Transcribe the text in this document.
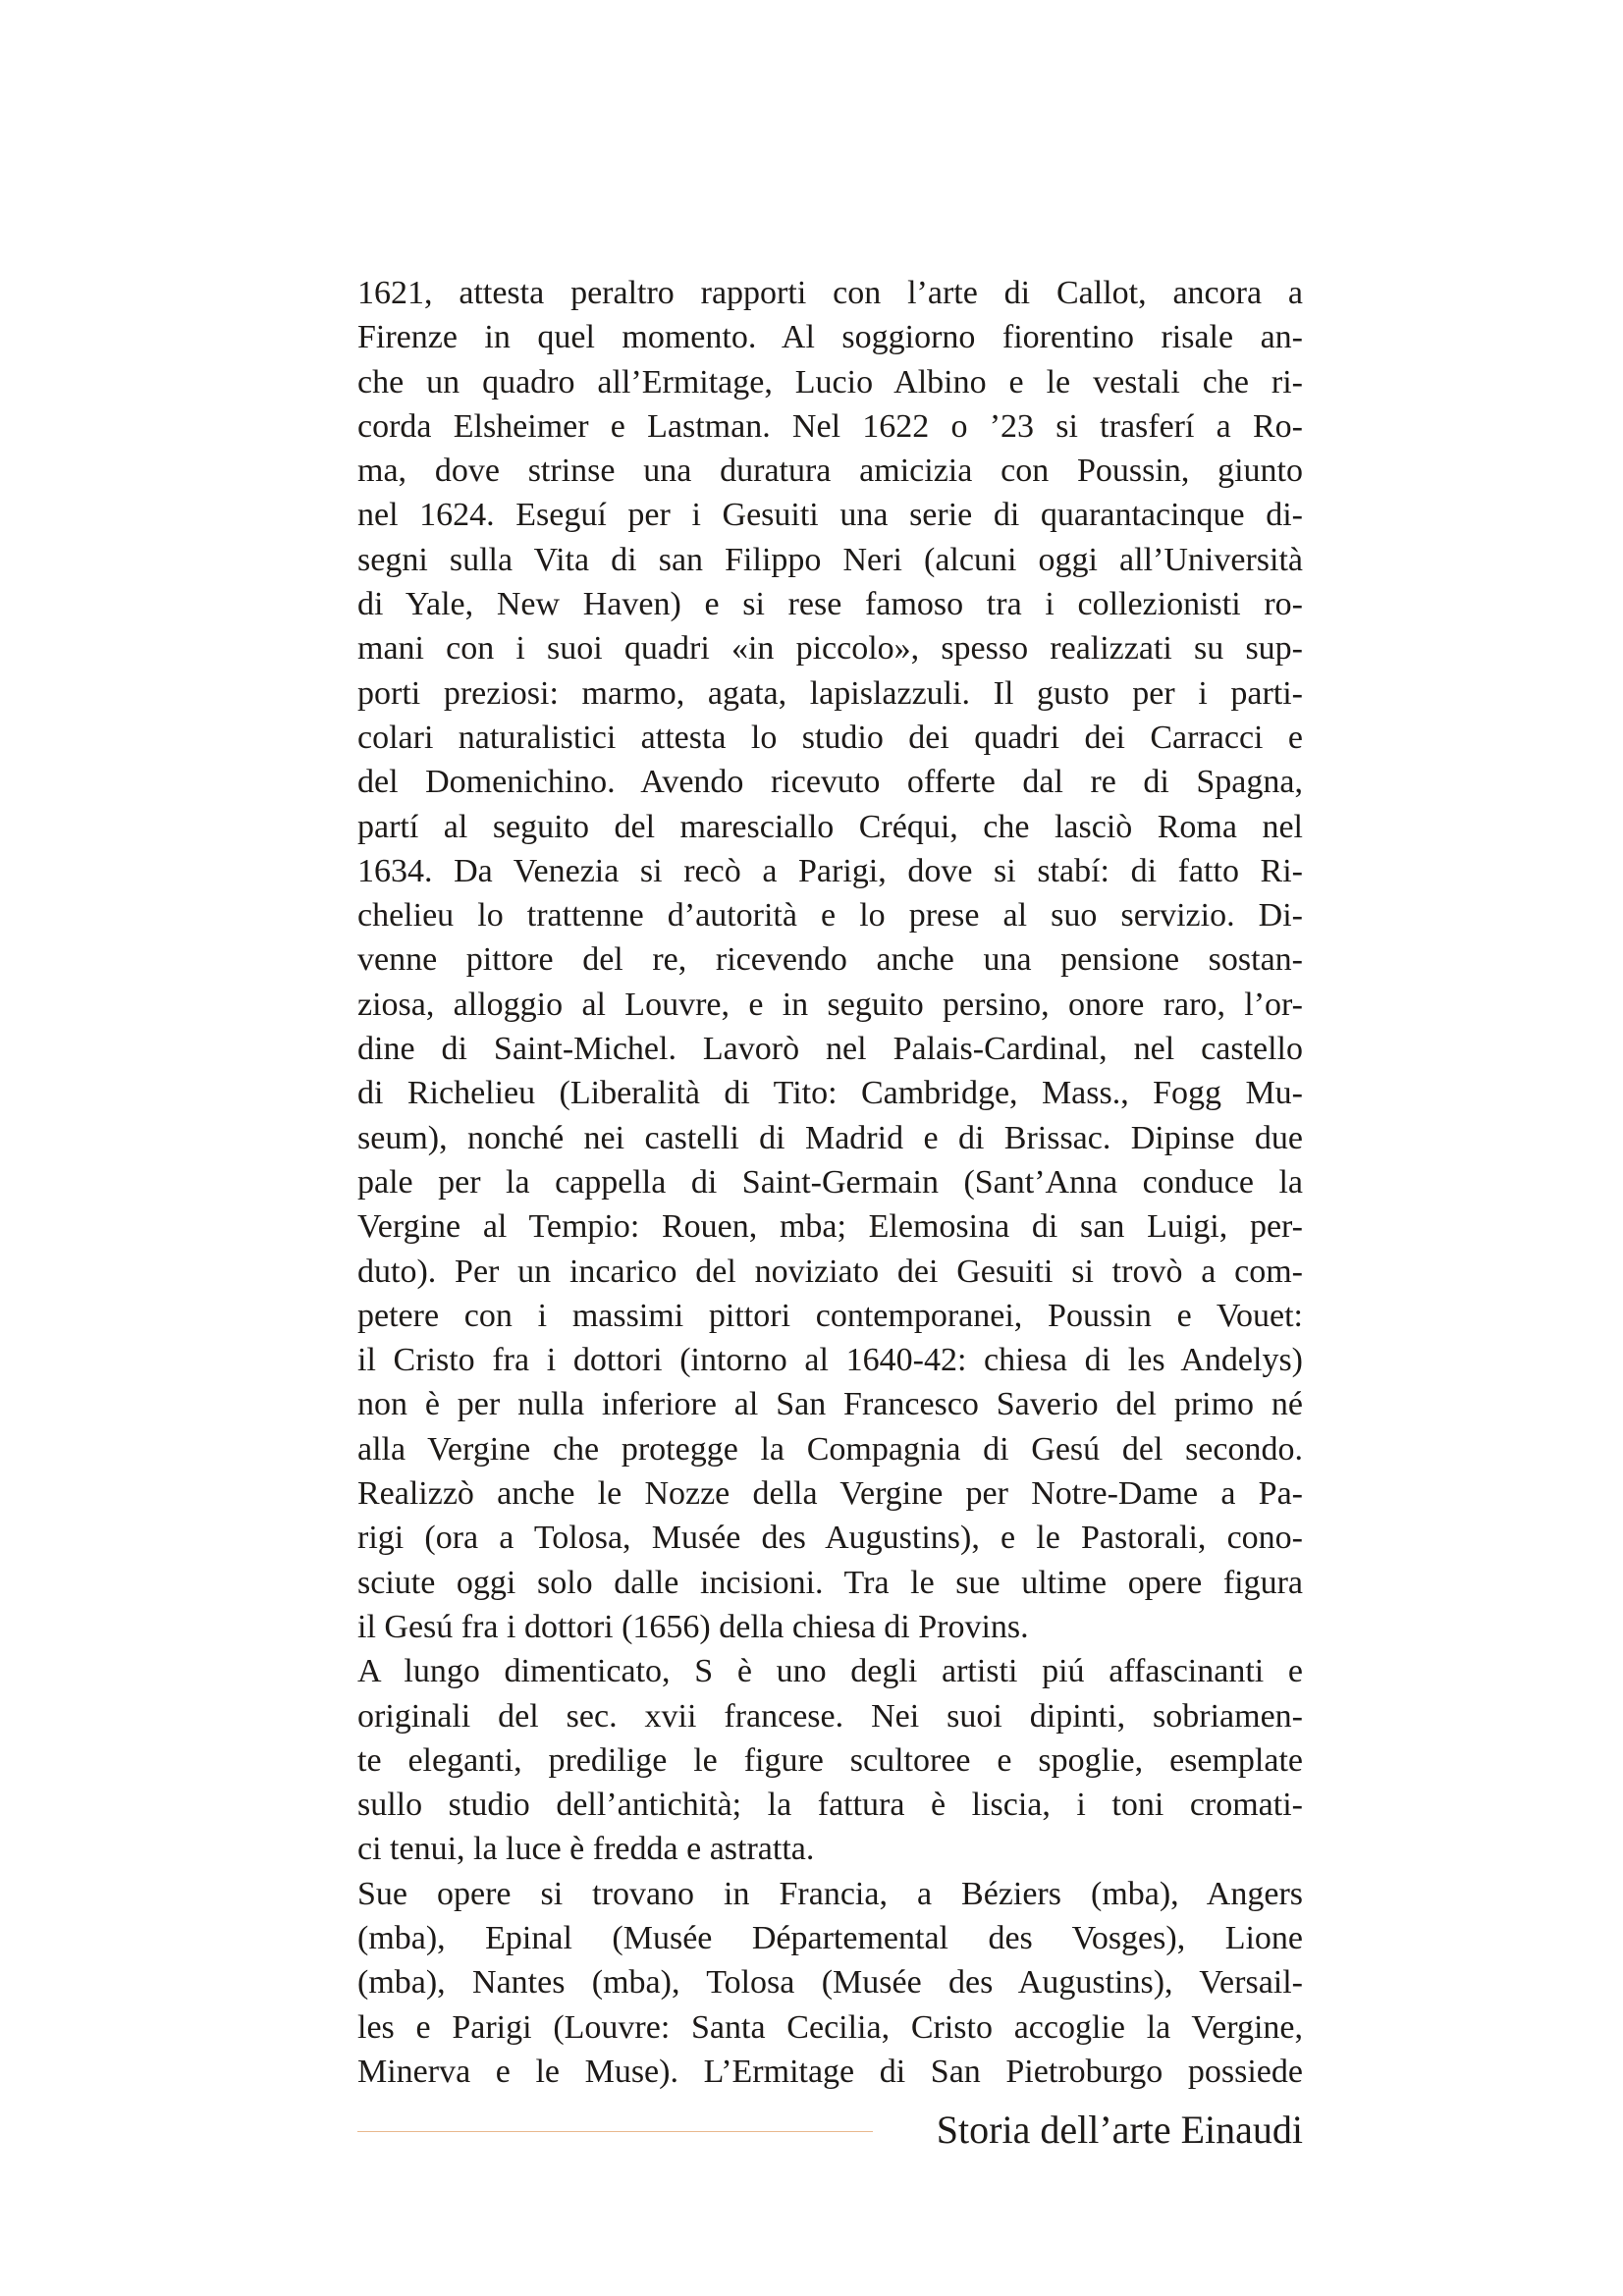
1621, attesta peraltro rapporti con l’arte di Callot, ancora a
Firenze in quel momento. Al soggiorno fiorentino risale an-
che un quadro all’Ermitage, Lucio Albino e le vestali che ri-
corda Elsheimer e Lastman. Nel 1622 o ’23 si trasferí a Ro-
ma, dove strinse una duratura amicizia con Poussin, giunto
nel 1624. Eseguí per i Gesuiti una serie di quarantacinque di-
segni sulla Vita di san Filippo Neri (alcuni oggi all’Università
di Yale, New Haven) e si rese famoso tra i collezionisti ro-
mani con i suoi quadri «in piccolo», spesso realizzati su sup-
porti preziosi: marmo, agata, lapislazzuli. Il gusto per i parti-
colari naturalistici attesta lo studio dei quadri dei Carracci e
del Domenichino. Avendo ricevuto offerte dal re di Spagna,
partí al seguito del maresciallo Créqui, che lasciò Roma nel
1634. Da Venezia si recò a Parigi, dove si stabí: di fatto Ri-
chelieu lo trattenne d’autorità e lo prese al suo servizio. Di-
venne pittore del re, ricevendo anche una pensione sostan-
ziosa, alloggio al Louvre, e in seguito persino, onore raro, l’or-
dine di Saint-Michel. Lavorò nel Palais-Cardinal, nel castello
di Richelieu (Liberalità di Tito: Cambridge, Mass., Fogg Mu-
seum), nonché nei castelli di Madrid e di Brissac. Dipinse due
pale per la cappella di Saint-Germain (Sant’Anna conduce la
Vergine al Tempio: Rouen, mba; Elemosina di san Luigi, per-
duto). Per un incarico del noviziato dei Gesuiti si trovò a com-
petere con i massimi pittori contemporanei, Poussin e Vouet:
il Cristo fra i dottori (intorno al 1640-42: chiesa di les Andelys)
non è per nulla inferiore al San Francesco Saverio del primo né
alla Vergine che protegge la Compagnia di Gesú del secondo.
Realizzò anche le Nozze della Vergine per Notre-Dame a Pa-
rigi (ora a Tolosa, Musée des Augustins), e le Pastorali, cono-
sciute oggi solo dalle incisioni. Tra le sue ultime opere figura
il Gesú fra i dottori (1656) della chiesa di Provins.
A lungo dimenticato, S è uno degli artisti piú affascinanti e
originali del sec. xvii francese. Nei suoi dipinti, sobriamen-
te eleganti, predilige le figure scultoree e spoglie, esemplate
sullo studio dell’antichità; la fattura è liscia, i toni cromati-
ci tenui, la luce è fredda e astratta.
Sue opere si trovano in Francia, a Béziers (mba), Angers
(mba), Epinal (Musée Départemental des Vosges), Lione
(mba), Nantes (mba), Tolosa (Musée des Augustins), Versail-
les e Parigi (Louvre: Santa Cecilia, Cristo accoglie la Vergine,
Minerva e le Muse). L’Ermitage di San Pietroburgo possiede
Storia dell’arte Einaudi
